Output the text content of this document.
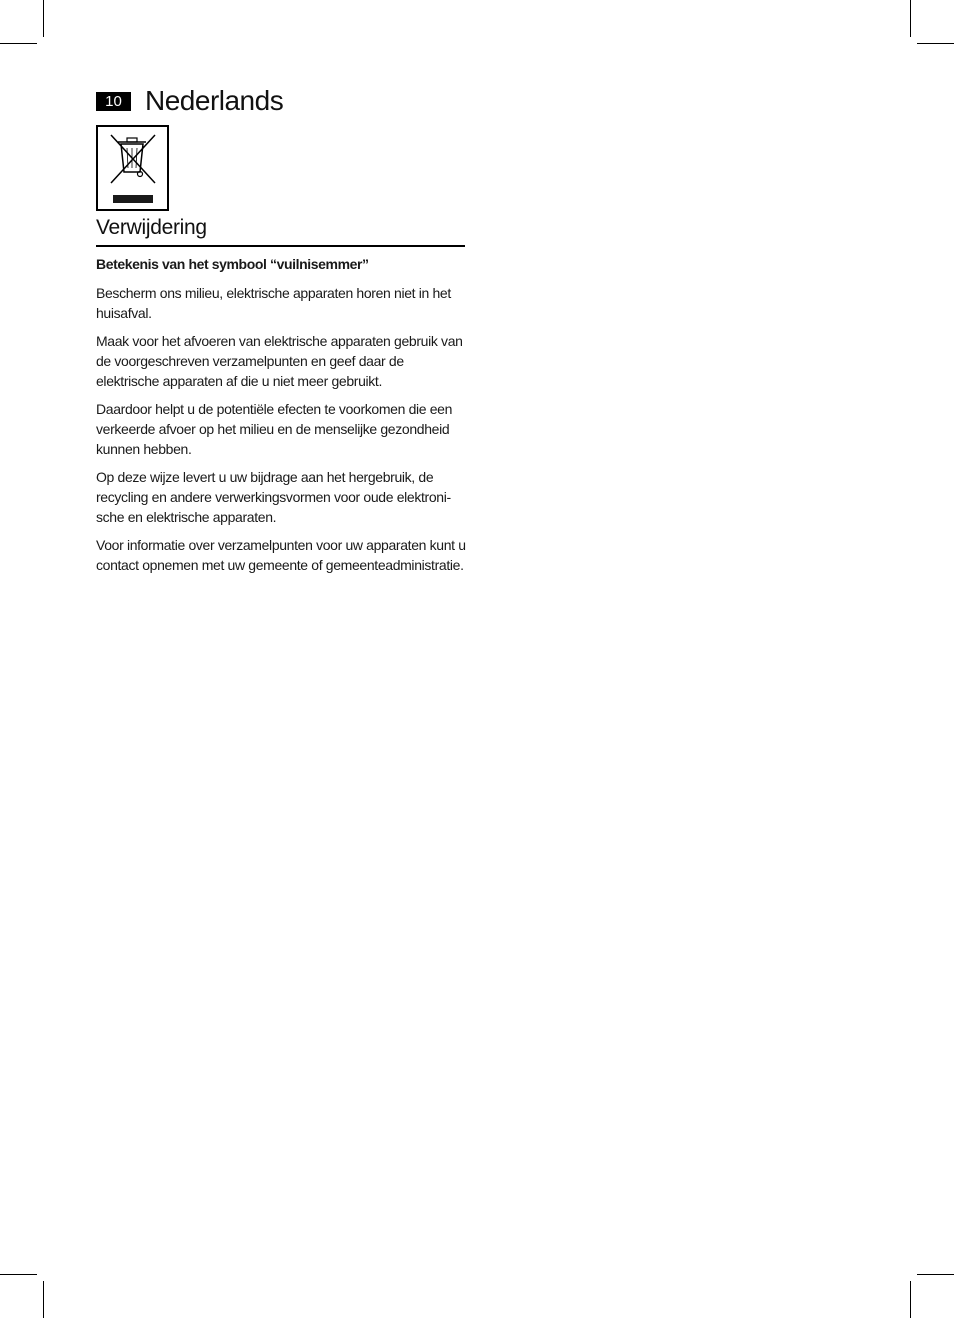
10 Nederlands
Verwijdering

Betekenis van het symbool “vuilnisemmer”

Bescherm ons milieu, elektrische apparaten horen niet in het huisafval.

Maak voor het afvoeren van elektrische apparaten gebruik van de voorgeschreven verzamelpunten en geef daar de elektrische apparaten af die u niet meer gebruikt.

Daardoor helpt u de potentiële efecten te voorkomen die een verkeerde afvoer op het milieu en de menselijke gezondheid kunnen hebben.

Op deze wijze levert u uw bijdrage aan het hergebruik, de recycling en andere verwerkingsvormen voor oude elektronische en elektrische apparaten.

Voor informatie over verzamelpunten voor uw apparaten kunt u contact opnemen met uw gemeente of gemeenteadministratie.
